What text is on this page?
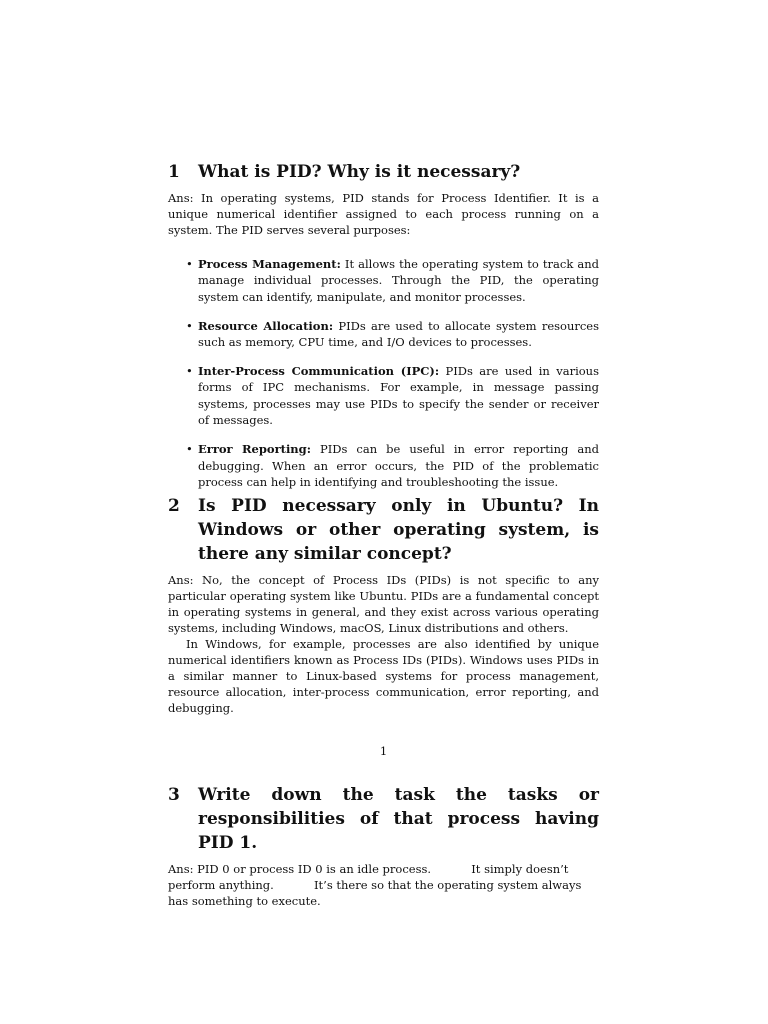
1	What is PID? Why is it necessary?

Ans: In operating systems, PID stands for Process Identifier. It is a unique numerical identifier assigned to each process running on a system. The PID serves several purposes:

• Process Management: It allows the operating system to track and manage individual processes. Through the PID, the operating system can identify, manipulate, and monitor processes.
• Resource Allocation: PIDs are used to allocate system resources such as memory, CPU time, and I/O devices to processes.
• Inter-Process Communication (IPC): PIDs are used in various forms of IPC mechanisms. For example, in message passing systems, processes may use PIDs to specify the sender or receiver of messages.
• Error Reporting: PIDs can be useful in error reporting and debugging. When an error occurs, the PID of the problematic process can help in identifying and troubleshooting the issue.
2	Is PID necessary only in Ubuntu? In Windows or other operating system, is there any similar concept?

Ans: No, the concept of Process IDs (PIDs) is not specific to any particular operating system like Ubuntu. PIDs are a fundamental concept in operating systems in general, and they exist across various operating systems, including Windows, macOS, Linux distributions and others.

In Windows, for example, processes are also identified by unique numerical identifiers known as Process IDs (PIDs). Windows uses PIDs in a similar manner to Linux-based systems for process management, resource allocation, inter-process communication, error reporting, and debugging.

1
3	Write down the task the tasks or responsibilities of that process having PID 1.

Ans: PID 0 or process ID 0 is an idle process.           It simply doesn’t perform anything.           It’s there so that the operating system always has something to execute.
